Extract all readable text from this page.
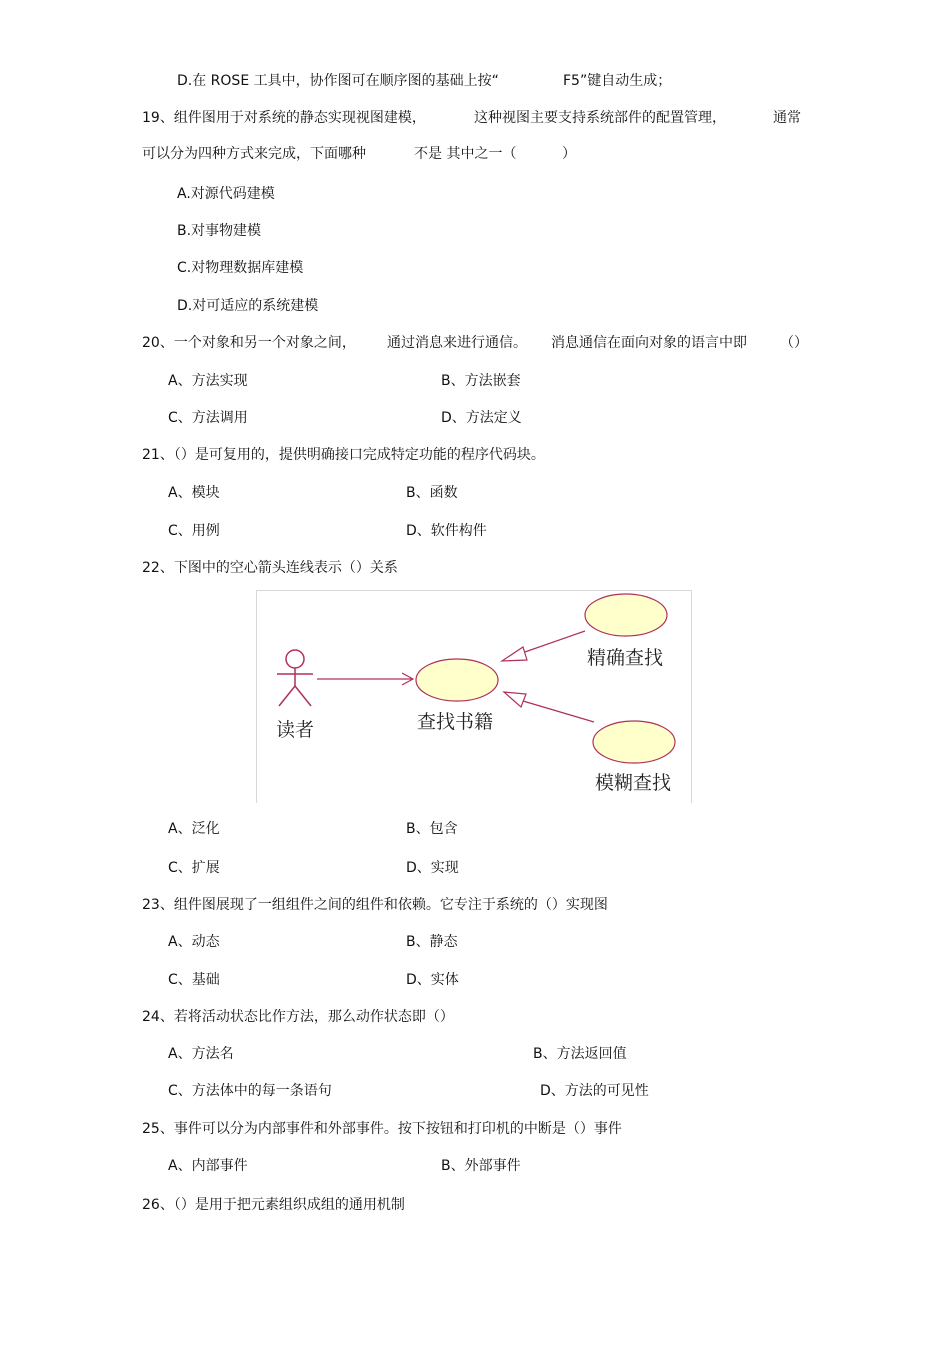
D.在 ROSE 工具中，协作图可在顺序图的基础上按“	F5”键自动生成；
19、组件图用于对系统的静态实现视图建模，	这种视图主要支持系统部件的配置管理，	通常
可以分为四种方式来完成，下面哪种	不是 其中之一（	）
A.对源代码建模
B.对事物建模
C.对物理数据库建模
D.对可适应的系统建模
20、一个对象和另一个对象之间， 通过消息来进行通信。 消息通信在面向对象的语言中即 （）
A、方法实现	B、方法嵌套
C、方法调用	D、方法定义
21、（）是可复用的，提供明确接口完成特定功能的程序代码块。
A、模块	B、函数
C、用例	D、软件构件
22、下图中的空心箭头连线表示（）关系
读者	查找书籍
精确查找
模糊查找
A、泛化	B、包含
C、扩展	D、实现
23、组件图展现了一组组件之间的组件和依赖。它专注于系统的（）实现图
A、动态	B、静态
C、基础	D、实体
24、若将活动状态比作方法，那么动作状态即（）
A、方法名	B、方法返回值
C、方法体中的每一条语句	D、方法的可见性
25、事件可以分为内部事件和外部事件。按下按钮和打印机的中断是（）事件
A、内部事件	B、外部事件
26、（）是用于把元素组织成组的通用机制
